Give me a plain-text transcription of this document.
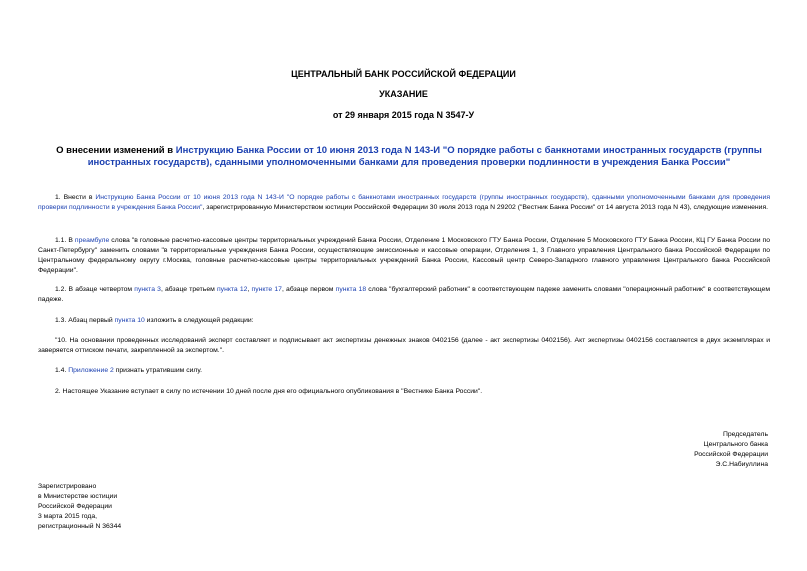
ЦЕНТРАЛЬНЫЙ БАНК РОССИЙСКОЙ ФЕДЕРАЦИИ
УКАЗАНИЕ
от 29 января 2015 года N 3547-У
О внесении изменений в Инструкцию Банка России от 10 июня 2013 года N 143-И "О порядке работы с банкнотами иностранных государств (группы иностранных государств), сданными уполномоченными банками для проведения проверки подлинности в учреждения Банка России"
1. Внести в Инструкцию Банка России от 10 июня 2013 года N 143-И "О порядке работы с банкнотами иностранных государств (группы иностранных государств), сданными уполномоченными банками для проведения проверки подлинности в учреждения Банка России", зарегистрированную Министерством юстиции Российской Федерации 30 июля 2013 года N 29202 ("Вестник Банка России" от 14 августа 2013 года N 43), следующие изменения.
1.1. В преамбуле слова "в головные расчетно-кассовые центры территориальных учреждений Банка России, Отделение 1 Московского ГТУ Банка России, Отделение 5 Московского ГТУ Банка России, КЦ ГУ Банка России по Санкт-Петербургу" заменить словами "в территориальные учреждения Банка России, осуществляющие эмиссионные и кассовые операции, Отделения 1, 3 Главного управления Центрального банка Российской Федерации по Центральному федеральному округу г.Москва, головные расчетно-кассовые центры территориальных учреждений Банка России, Кассовый центр Северо-Западного главного управления Центрального банка Российской Федерации".
1.2. В абзаце четвертом пункта 3, абзаце третьем пункта 12, пункте 17, абзаце первом пункта 18 слова "бухгалтерский работник" в соответствующем падеже заменить словами "операционный работник" в соответствующем падеже.
1.3. Абзац первый пункта 10 изложить в следующей редакции:
"10. На основании проведенных исследований эксперт составляет и подписывает акт экспертизы денежных знаков 0402156 (далее - акт экспертизы 0402156). Акт экспертизы 0402156 составляется в двух экземплярах и заверяется оттиском печати, закрепленной за экспертом.".
1.4. Приложение 2 признать утратившим силу.
2. Настоящее Указание вступает в силу по истечении 10 дней после дня его официального опубликования в "Вестнике Банка России".
Председатель
Центрального банка
Российской Федерации
Э.С.Набиуллина
Зарегистрировано
в Министерстве юстиции
Российской Федерации
3 марта 2015 года,
регистрационный N 36344
